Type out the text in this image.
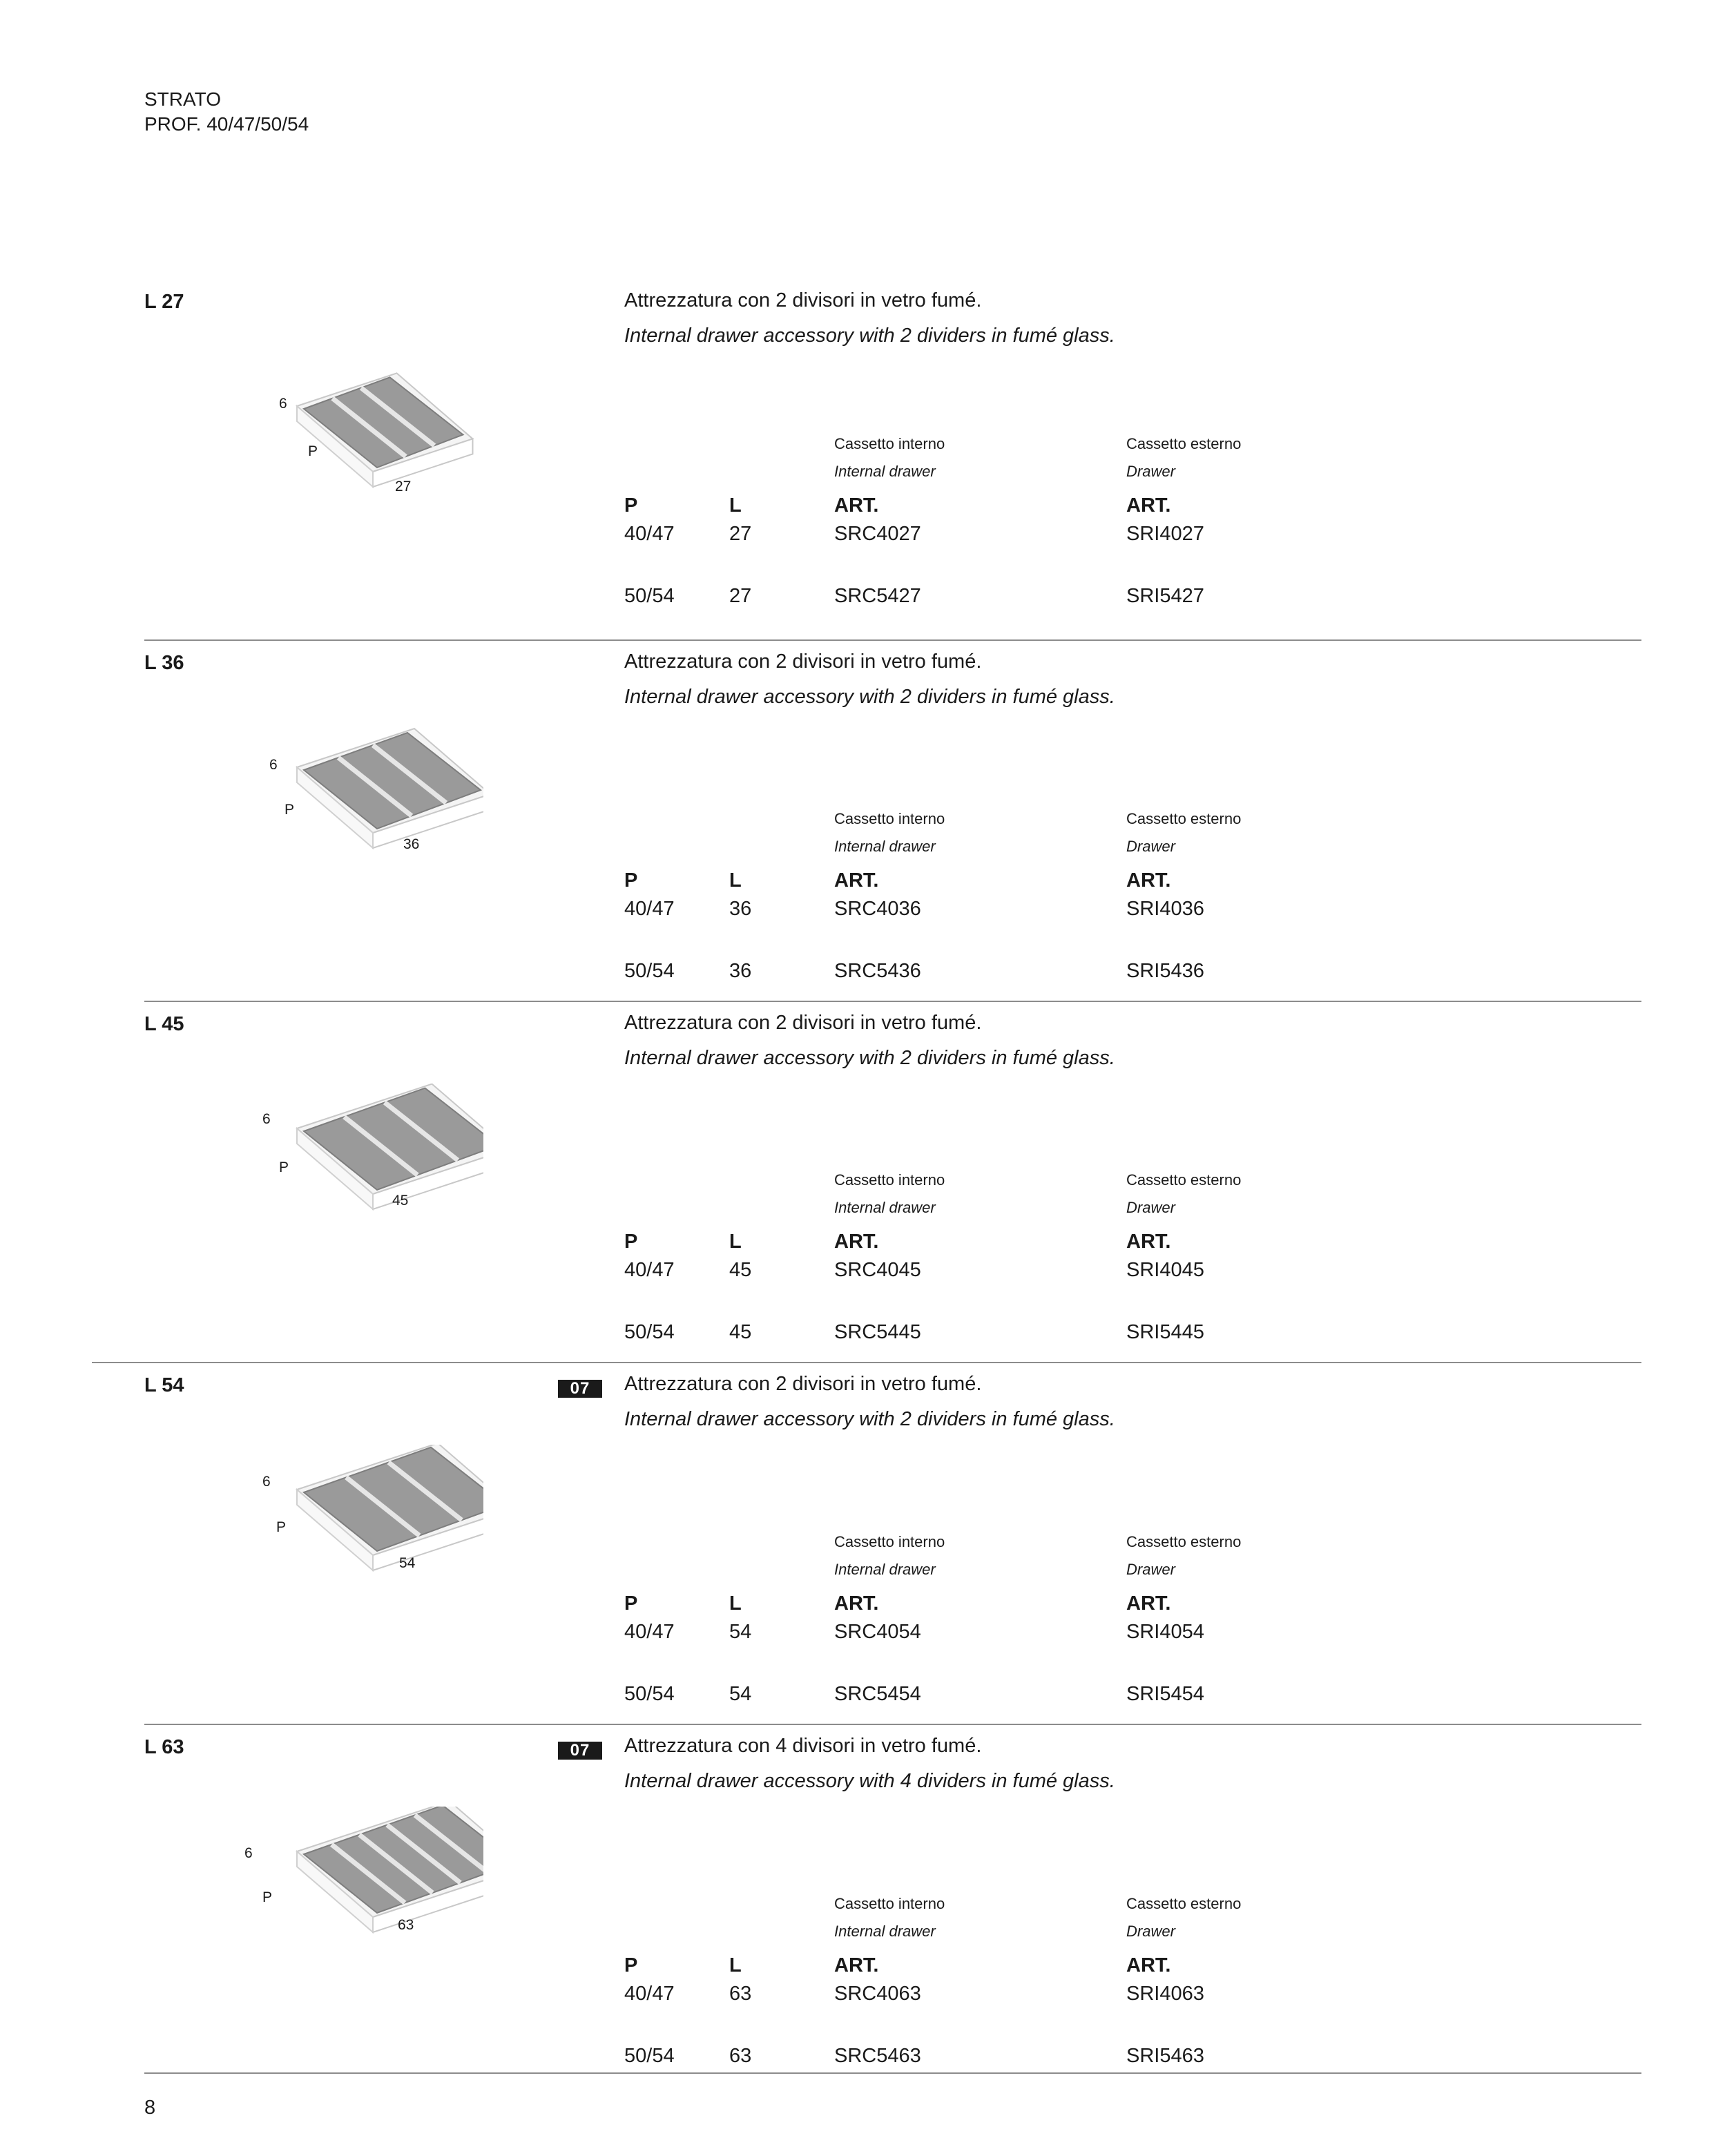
STRATO
PROF. 40/47/50/54
L 27	Attrezzatura con 2 divisori in vetro fumé.
Internal drawer accessory with 2 dividers in fumé glass.
6
P
27
Cassetto interno
Internal drawer
Cassetto esterno
Drawer
P	L	ART.	ART.
40/47	27	SRC4027	SRI4027
50/54	27	SRC5427	SRI5427
L 36	Attrezzatura con 2 divisori in vetro fumé.
Internal drawer accessory with 2 dividers in fumé glass.
6
P
36
Cassetto interno
Internal drawer
Cassetto esterno
Drawer
P	L	ART.	ART.
40/47	36	SRC4036	SRI4036
50/54	36	SRC5436	SRI5436
L 45	Attrezzatura con 2 divisori in vetro fumé.
Internal drawer accessory with 2 dividers in fumé glass.
6
P
45
Cassetto interno
Internal drawer
Cassetto esterno
Drawer
P	L	ART.	ART.
40/47	45	SRC4045	SRI4045
50/54	45	SRC5445	SRI5445
L 54	07	Attrezzatura con 2 divisori in vetro fumé.
Internal drawer accessory with 2 dividers in fumé glass.
6
P
54
Cassetto interno
Internal drawer
Cassetto esterno
Drawer
P	L	ART.	ART.
40/47	54	SRC4054	SRI4054
50/54	54	SRC5454	SRI5454
L 63	07	Attrezzatura con 4 divisori in vetro fumé.
Internal drawer accessory with 4 dividers in fumé glass.
6
P
63
Cassetto interno
Internal drawer
Cassetto esterno
Drawer
P	L	ART.	ART.
40/47	63	SRC4063	SRI4063
50/54	63	SRC5463	SRI5463
8
